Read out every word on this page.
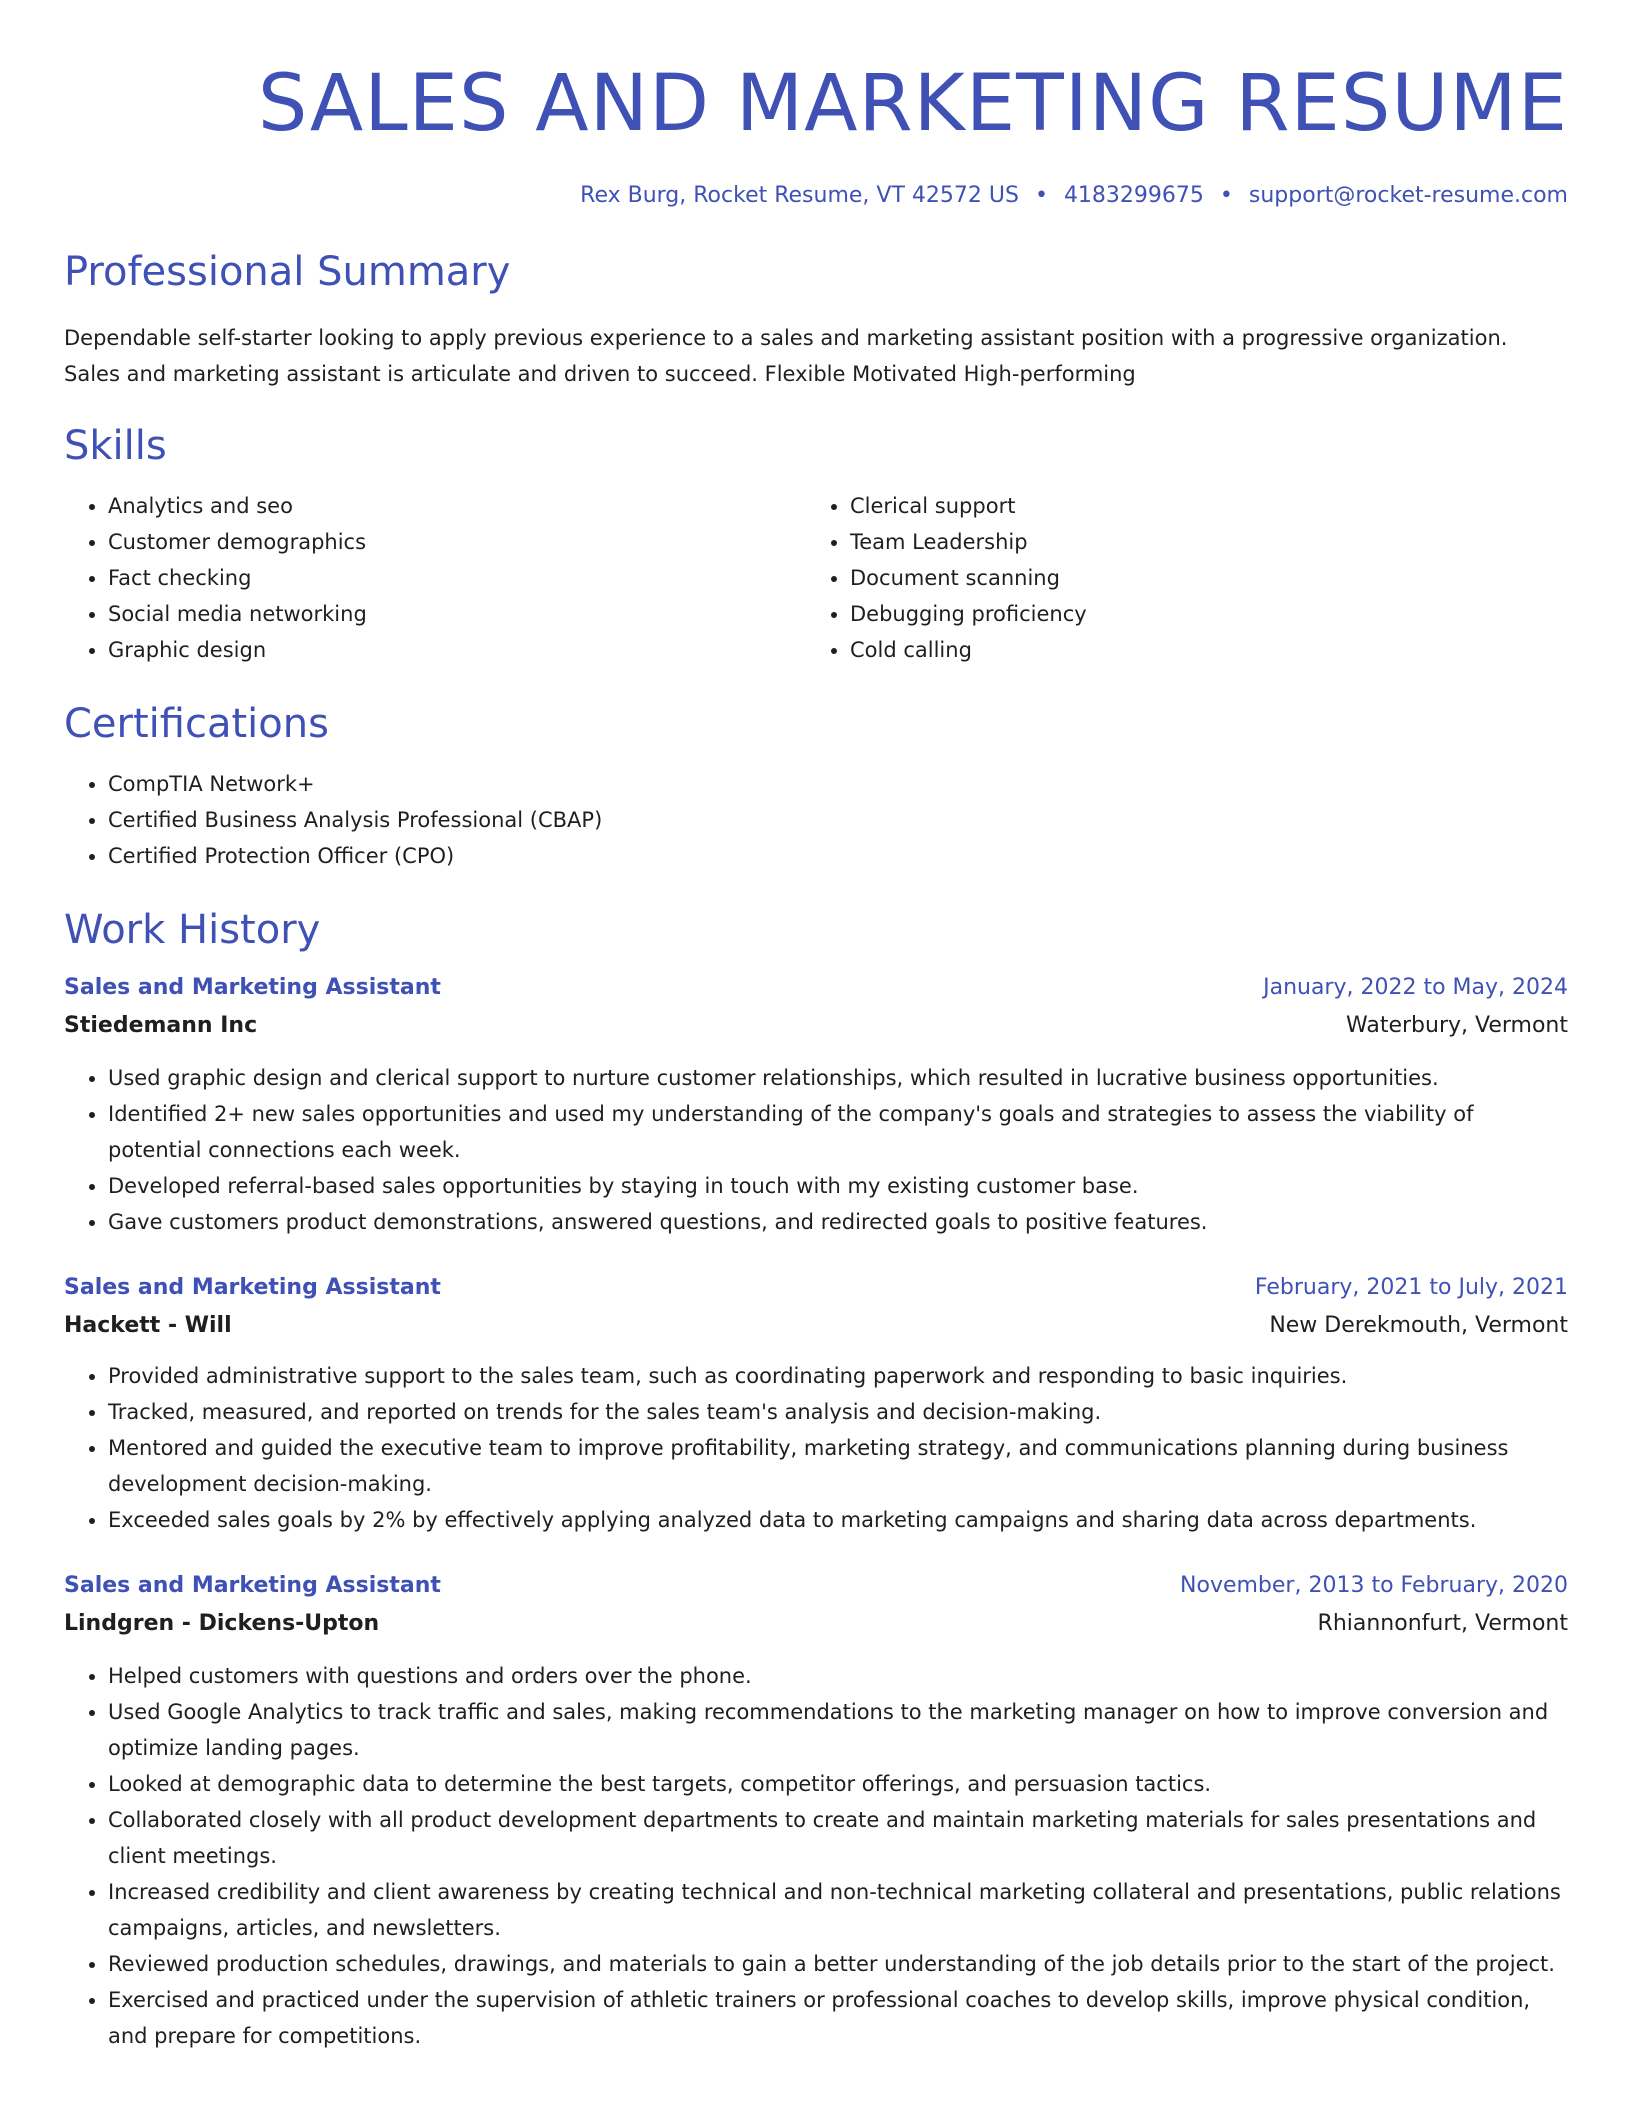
SALES AND MARKETING RESUME
Rex Burg, Rocket Resume, VT 42572 US • 4183299675 • support@rocket-resume.com
Professional Summary

Dependable self-starter looking to apply previous experience to a sales and marketing assistant position with a progressive organization. Sales and marketing assistant is articulate and driven to succeed. Flexible Motivated High-performing

Skills
• Analytics and seo
• Customer demographics
• Fact checking
• Social media networking
• Graphic design
• Clerical support
• Team Leadership
• Document scanning
• Debugging proficiency
• Cold calling
Certifications
• CompTIA Network+
• Certified Business Analysis Professional (CBAP)
• Certified Protection Officer (CPO)
Work History
Sales and Marketing Assistant	January, 2022 to May, 2024
Stiedemann Inc	Waterbury, Vermont
• Used graphic design and clerical support to nurture customer relationships, which resulted in lucrative business opportunities.
• Identified 2+ new sales opportunities and used my understanding of the company's goals and strategies to assess the viability of potential connections each week.
• Developed referral-based sales opportunities by staying in touch with my existing customer base.
• Gave customers product demonstrations, answered questions, and redirected goals to positive features.
Sales and Marketing Assistant	February, 2021 to July, 2021
Hackett - Will	New Derekmouth, Vermont
• Provided administrative support to the sales team, such as coordinating paperwork and responding to basic inquiries.
• Tracked, measured, and reported on trends for the sales team's analysis and decision-making.
• Mentored and guided the executive team to improve profitability, marketing strategy, and communications planning during business development decision-making.
• Exceeded sales goals by 2% by effectively applying analyzed data to marketing campaigns and sharing data across departments.
Sales and Marketing Assistant	November, 2013 to February, 2020
Lindgren - Dickens-Upton	Rhiannonfurt, Vermont
• Helped customers with questions and orders over the phone.
• Used Google Analytics to track traffic and sales, making recommendations to the marketing manager on how to improve conversion and optimize landing pages.
• Looked at demographic data to determine the best targets, competitor offerings, and persuasion tactics.
• Collaborated closely with all product development departments to create and maintain marketing materials for sales presentations and client meetings.
• Increased credibility and client awareness by creating technical and non-technical marketing collateral and presentations, public relations campaigns, articles, and newsletters.
• Reviewed production schedules, drawings, and materials to gain a better understanding of the job details prior to the start of the project.
• Exercised and practiced under the supervision of athletic trainers or professional coaches to develop skills, improve physical condition, and prepare for competitions.
